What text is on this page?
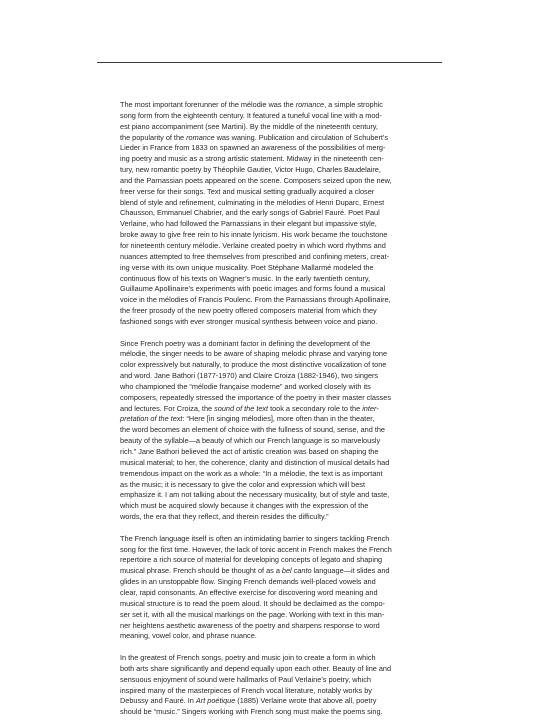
The most important forerunner of the mélodie was the romance, a simple strophic
song form from the eighteenth century. It featured a tuneful vocal line with a mod-
est piano accompaniment (see Martini). By the middle of the nineteenth century,
the popularity of the romance was waning. Publication and circulation of Schubert’s
Lieder in France from 1833 on spawned an awareness of the possibilities of merg-
ing poetry and music as a strong artistic statement. Midway in the nineteenth cen-
tury, new romantic poetry by Théophile Gautier, Victor Hugo, Charles Baudelaire,
and the Parnassian poets appeared on the scene. Composers seized upon the new,
freer verse for their songs. Text and musical setting gradually acquired a closer
blend of style and refinement, culminating in the mélodies of Henri Duparc, Ernest
Chausson, Emmanuel Chabrier, and the early songs of Gabriel Fauré. Poet Paul
Verlaine, who had followed the Parnassians in their elegant but impassive style,
broke away to give free rein to his innate lyricism. His work became the touchstone
for nineteenth century mélodie. Verlaine created poetry in which word rhythms and
nuances attempted to free themselves from prescribed and confining meters, creat-
ing verse with its own unique musicality. Poet Stéphane Mallarmé modeled the
continuous flow of his texts on Wagner’s music. In the early twentieth century,
Guillaume Apollinaire’s experiments with poetic images and forms found a musical
voice in the mélodies of Francis Poulenc. From the Parnassians through Apollinaire,
the freer prosody of the new poetry offered composers material from which they
fashioned songs with ever stronger musical synthesis between voice and piano.

Since French poetry was a dominant factor in defining the development of the
mélodie, the singer needs to be aware of shaping melodic phrase and varying tone
color expressively but naturally, to produce the most distinctive vocalization of tone
and word. Jane Bathori (1877-1970) and Claire Croiza (1882-1946), two singers
who championed the “mélodie française moderne” and worked closely with its
composers, repeatedly stressed the importance of the poetry in their master classes
and lectures. For Croiza, the sound of the text took a secondary role to the inter-
pretation of the text: “Here [in singing mélodies], more often than in the theater,
the word becomes an element of choice with the fullness of sound, sense, and the
beauty of the syllable—a beauty of which our French language is so marvelously
rich.” Jane Bathori believed the act of artistic creation was based on shaping the
musical material; to her, the coherence, clarity and distinction of musical details had
tremendous impact on the work as a whole: “In a mélodie, the text is as important
as the music; it is necessary to give the color and expression which will best
emphasize it. I am not talking about the necessary musicality, but of style and taste,
which must be acquired slowly because it changes with the expression of the
words, the era that they reflect, and therein resides the difficulty.”

The French language itself is often an intimidating barrier to singers tackling French
song for the first time. However, the lack of tonic accent in French makes the French
repertoire a rich source of material for developing concepts of legato and shaping
musical phrase. French should be thought of as a bel canto language—it slides and
glides in an unstoppable flow. Singing French demands well-placed vowels and
clear, rapid consonants. An effective exercise for discovering word meaning and
musical structure is to read the poem aloud. It should be declaimed as the compo-
ser set it, with all the musical markings on the page. Working with text in this man-
ner heightens aesthetic awareness of the poetry and sharpens response to word
meaning, vowel color, and phrase nuance.

In the greatest of French songs, poetry and music join to create a form in which
both arts share significantly and depend equally upon each other. Beauty of line and
sensuous enjoyment of sound were hallmarks of Paul Verlaine’s poetry, which
inspired many of the masterpieces of French vocal literature, notably works by
Debussy and Fauré. In Art poétique (1885) Verlaine wrote that above all, poetry
should be “music.” Singers working with French song must make the poems sing.
